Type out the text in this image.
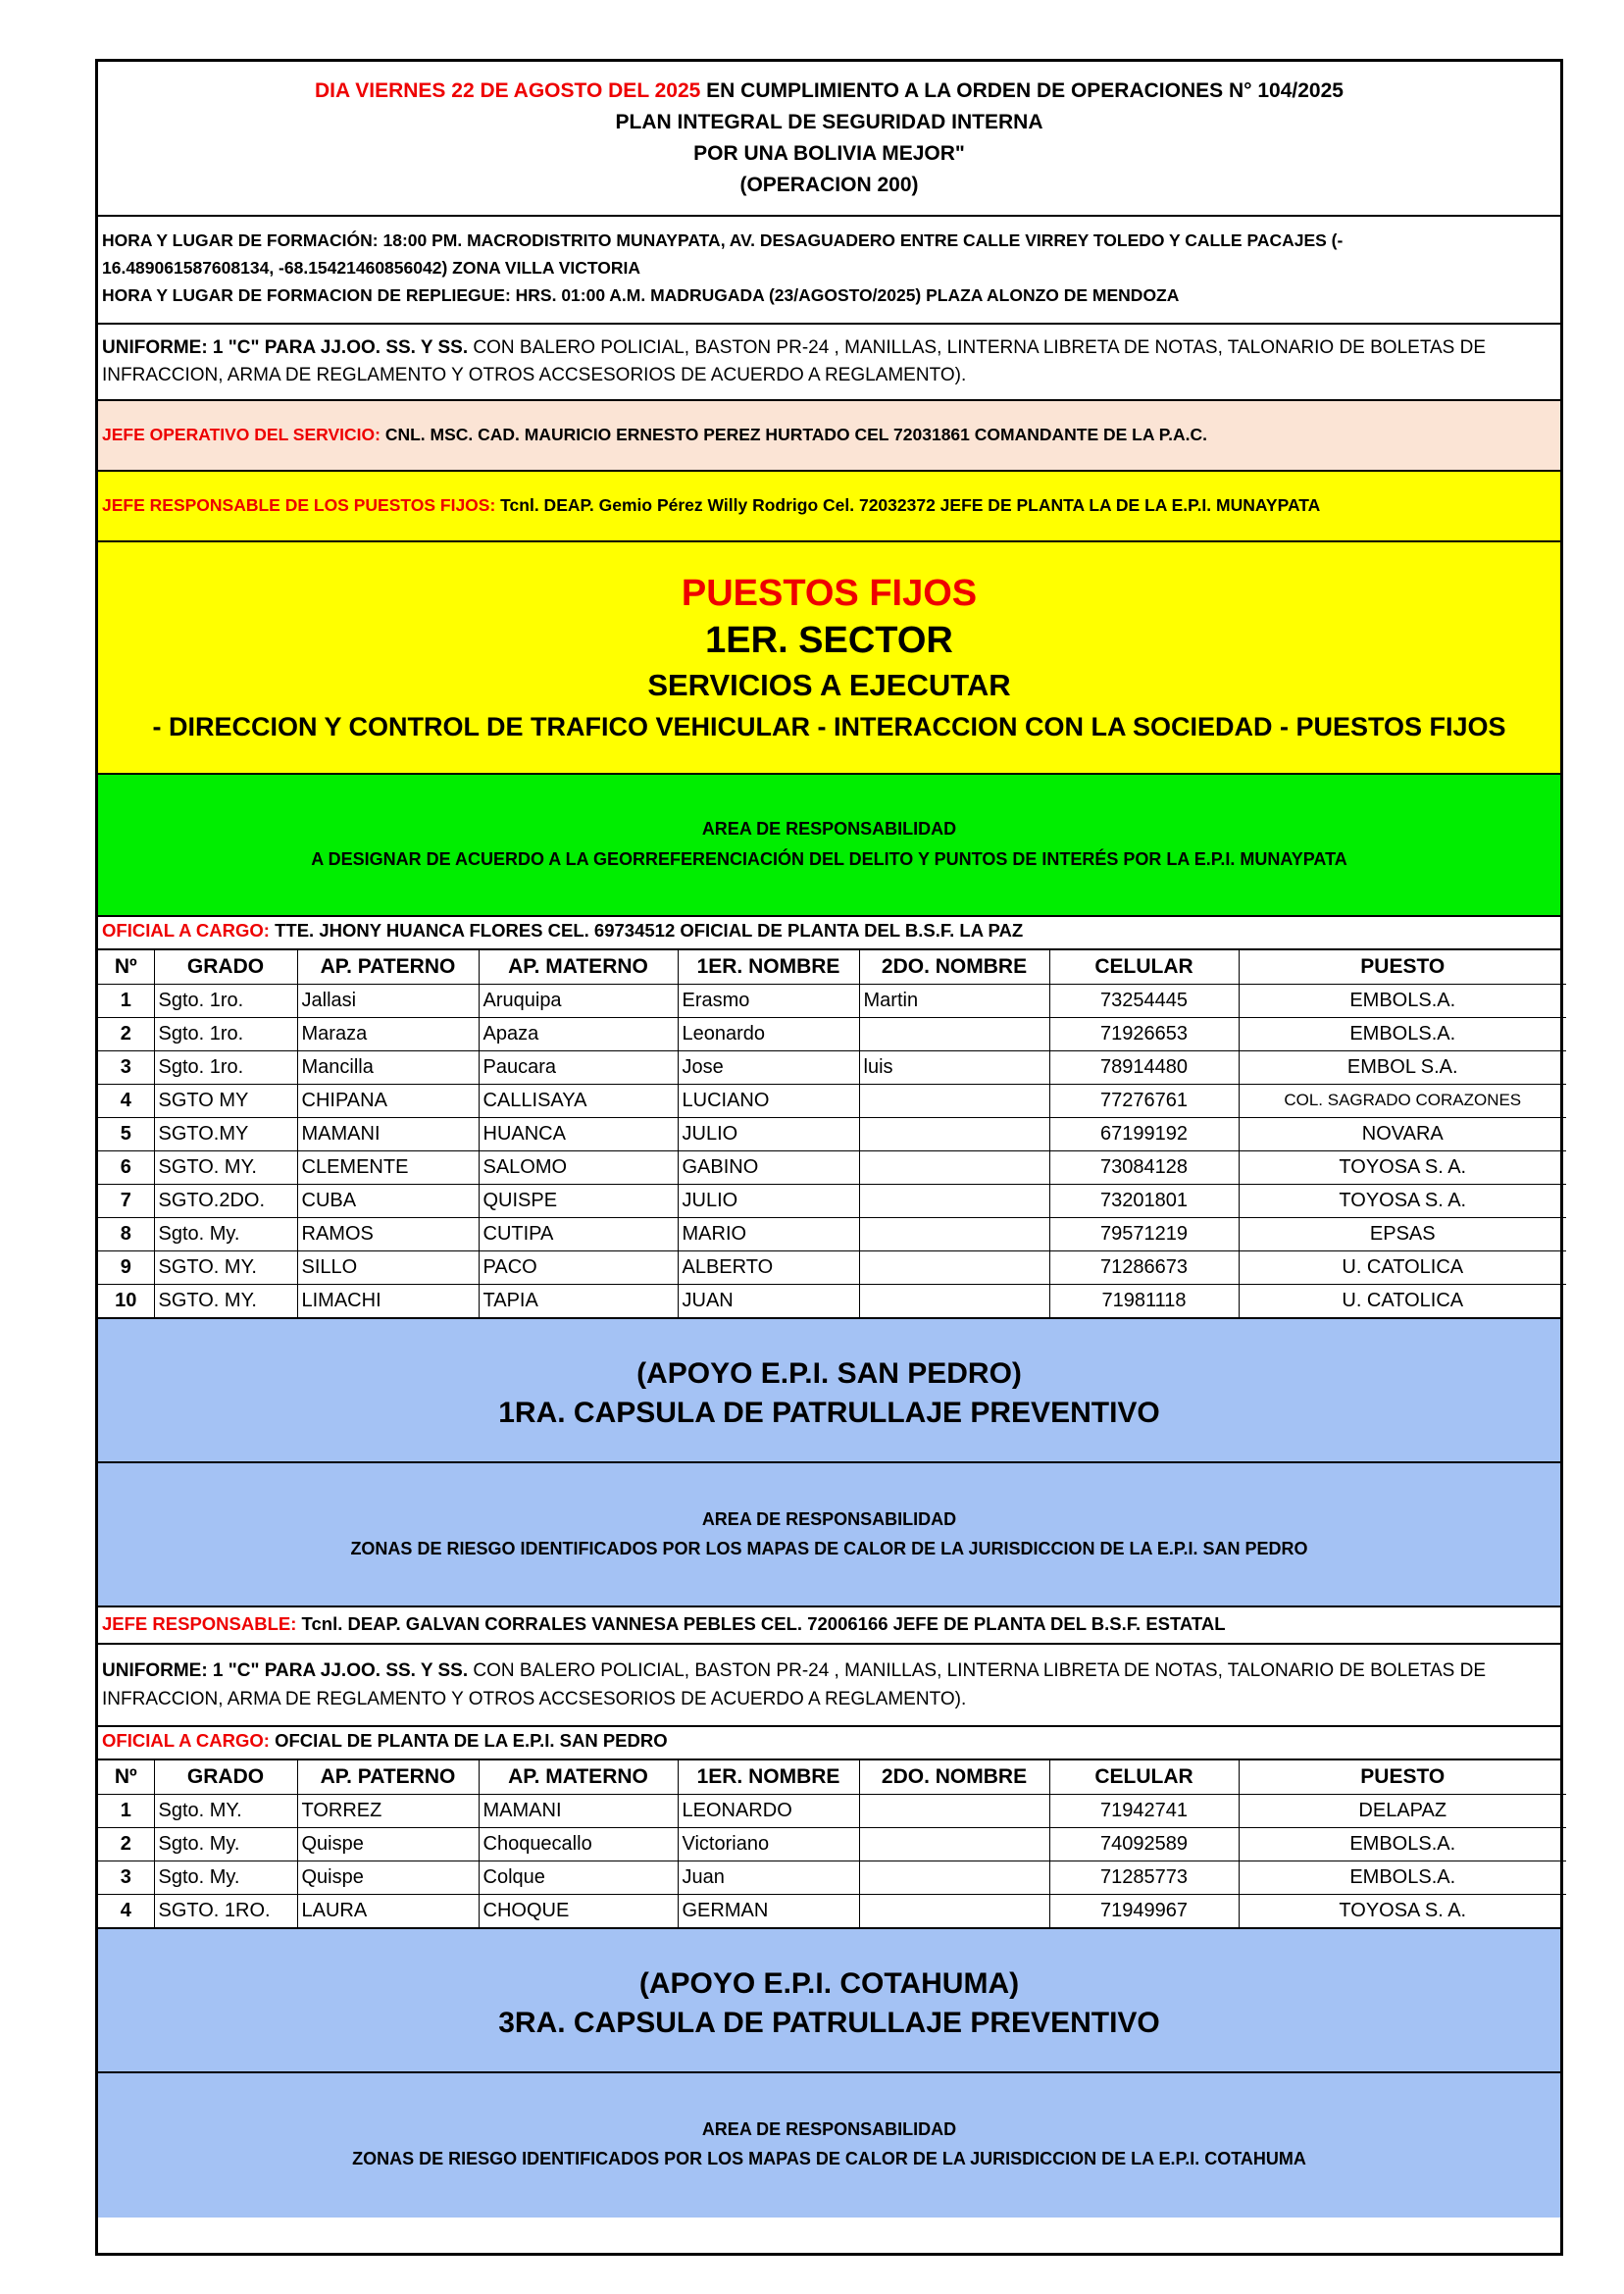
DIA VIERNES 22 DE AGOSTO DEL 2025 EN CUMPLIMIENTO A LA ORDEN DE OPERACIONES N° 104/2025
PLAN INTEGRAL DE SEGURIDAD INTERNA
POR UNA BOLIVIA MEJOR"
(OPERACION 200)
HORA Y LUGAR DE FORMACIÓN: 18:00 PM. MACRODISTRITO MUNAYPATA, AV. DESAGUADERO ENTRE CALLE VIRREY TOLEDO Y CALLE PACAJES (-
16.489061587608134, -68.15421460856042) ZONA VILLA VICTORIA
HORA Y LUGAR DE FORMACION DE REPLIEGUE: HRS. 01:00 A.M. MADRUGADA (23/AGOSTO/2025) PLAZA ALONZO DE MENDOZA
UNIFORME: 1 "C" PARA JJ.OO. SS. Y SS. CON BALERO POLICIAL, BASTON PR-24 , MANILLAS, LINTERNA LIBRETA DE NOTAS, TALONARIO DE BOLETAS DE
INFRACCION, ARMA DE REGLAMENTO Y OTROS ACCSESORIOS DE ACUERDO A REGLAMENTO).
JEFE OPERATIVO DEL SERVICIO: CNL. MSC. CAD. MAURICIO ERNESTO PEREZ HURTADO CEL 72031861 COMANDANTE DE LA P.A.C.
JEFE RESPONSABLE DE LOS PUESTOS FIJOS: Tcnl. DEAP. Gemio Pérez Willy Rodrigo Cel. 72032372 JEFE DE PLANTA LA DE LA E.P.I. MUNAYPATA
PUESTOS FIJOS
1ER. SECTOR
SERVICIOS A EJECUTAR
- DIRECCION Y CONTROL DE TRAFICO VEHICULAR - INTERACCION CON LA SOCIEDAD - PUESTOS FIJOS
AREA DE RESPONSABILIDAD
A DESIGNAR DE ACUERDO A LA GEORREFERENCIACIÓN DEL DELITO Y PUNTOS DE INTERÉS POR LA E.P.I. MUNAYPATA
OFICIAL A CARGO: TTE. JHONY HUANCA FLORES CEL. 69734512 OFICIAL DE PLANTA DEL B.S.F. LA PAZ
Nº	GRADO	AP. PATERNO	AP. MATERNO	1ER. NOMBRE	2DO. NOMBRE	CELULAR	PUESTO
1	Sgto. 1ro.	Jallasi	Aruquipa	Erasmo	Martin	73254445	EMBOLS.A.
2	Sgto. 1ro.	Maraza	Apaza	Leonardo		71926653	EMBOLS.A.
3	Sgto. 1ro.	Mancilla	Paucara	Jose	luis	78914480	EMBOL S.A.
4	SGTO MY	CHIPANA	CALLISAYA	LUCIANO		77276761	COL. SAGRADO CORAZONES
5	SGTO.MY	MAMANI	HUANCA	JULIO		67199192	NOVARA
6	SGTO. MY.	CLEMENTE	SALOMO	GABINO		73084128	TOYOSA S. A.
7	SGTO.2DO.	CUBA	QUISPE	JULIO		73201801	TOYOSA S. A.
8	Sgto. My.	RAMOS	CUTIPA	MARIO		79571219	EPSAS
9	SGTO. MY.	SILLO	PACO	ALBERTO		71286673	U. CATOLICA
10	SGTO. MY.	LIMACHI	TAPIA	JUAN		71981118	U. CATOLICA
(APOYO E.P.I. SAN PEDRO)
1RA. CAPSULA DE PATRULLAJE PREVENTIVO
AREA DE RESPONSABILIDAD
ZONAS DE RIESGO IDENTIFICADOS POR LOS MAPAS DE CALOR DE LA JURISDICCION DE LA E.P.I. SAN PEDRO
JEFE RESPONSABLE: Tcnl. DEAP. GALVAN CORRALES VANNESA PEBLES CEL. 72006166 JEFE DE PLANTA DEL B.S.F. ESTATAL
UNIFORME: 1 "C" PARA JJ.OO. SS. Y SS. CON BALERO POLICIAL, BASTON PR-24 , MANILLAS, LINTERNA LIBRETA DE NOTAS, TALONARIO DE BOLETAS DE
INFRACCION, ARMA DE REGLAMENTO Y OTROS ACCSESORIOS DE ACUERDO A REGLAMENTO).
OFICIAL A CARGO: OFCIAL DE PLANTA DE LA E.P.I. SAN PEDRO
Nº	GRADO	AP. PATERNO	AP. MATERNO	1ER. NOMBRE	2DO. NOMBRE	CELULAR	PUESTO
1	Sgto. MY.	TORREZ	MAMANI	LEONARDO		71942741	DELAPAZ
2	Sgto. My.	Quispe	Choquecallo	Victoriano		74092589	EMBOLS.A.
3	Sgto. My.	Quispe	Colque	Juan		71285773	EMBOLS.A.
4	SGTO. 1RO.	LAURA	CHOQUE	GERMAN		71949967	TOYOSA S. A.
(APOYO E.P.I. COTAHUMA)
3RA. CAPSULA DE PATRULLAJE PREVENTIVO
AREA DE RESPONSABILIDAD
ZONAS DE RIESGO IDENTIFICADOS POR LOS MAPAS DE CALOR DE LA JURISDICCION DE LA E.P.I. COTAHUMA
